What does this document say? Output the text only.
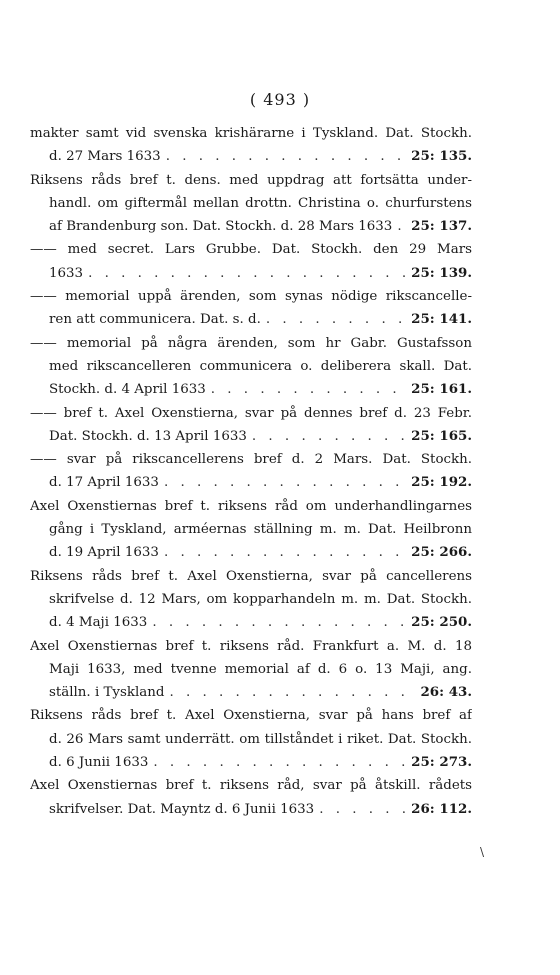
( 493 )
makter samt vid svenska krishärarne i Tyskland. Dat. Stockh.
d. 27 Mars 1633 . . .	25: 135.
Riksens råds bref t. dens. med uppdrag att fortsätta under-
handl. om giftermål mellan drottn. Christina o. churfurstens
af Brandenburg son. Dat. Stockh. d. 28 Mars 1633 . . . 25: 137.
—— med secret. Lars Grubbe. Dat. Stockh. den 29 Mars
1633 . . .	25: 139.
—— memorial uppå ärenden, som synas nödige rikscancelle-
ren att communicera. Dat. s. d. . . .	25: 141.
—— memorial på några ärenden, som hr Gabr. Gustafsson
med rikscancelleren communicera o. deliberera skall. Dat.
Stockh. d. 4 April 1633 . . .	25: 161.
—— bref t. Axel Oxenstierna, svar på dennes bref d. 23 Febr.
Dat. Stockh. d. 13 April 1633 . . .	25: 165.
—— svar på rikscancellerens bref d. 2 Mars. Dat. Stockh.
d. 17 April 1633 . . .	25: 192.
Axel Oxenstiernas bref t. riksens råd om underhandlingarnes
gång i Tyskland, arméernas ställning m. m. Dat. Heilbronn
d. 19 April 1633 . . .	25: 266.
Riksens råds bref t. Axel Oxenstierna, svar på cancellerens
skrifvelse d. 12 Mars, om kopparhandeln m. m. Dat. Stockh.
d. 4 Maji 1633 . . .	25: 250.
Axel Oxenstiernas bref t. riksens råd. Frankfurt a. M. d. 18
Maji 1633, med tvenne memorial af d. 6 o. 13 Maji, ang.
ställn. i Tyskland . . .	26: 43.
Riksens råds bref t. Axel Oxenstierna, svar på hans bref af
d. 26 Mars samt underrätt. om tillståndet i riket. Dat. Stockh.
d. 6 Junii 1633 . . .	25: 273.
Axel Oxenstiernas bref t. riksens råd, svar på åtskill. rådets
skrifvelser. Dat. Mayntz d. 6 Junii 1633 . . .	26: 112.
\
